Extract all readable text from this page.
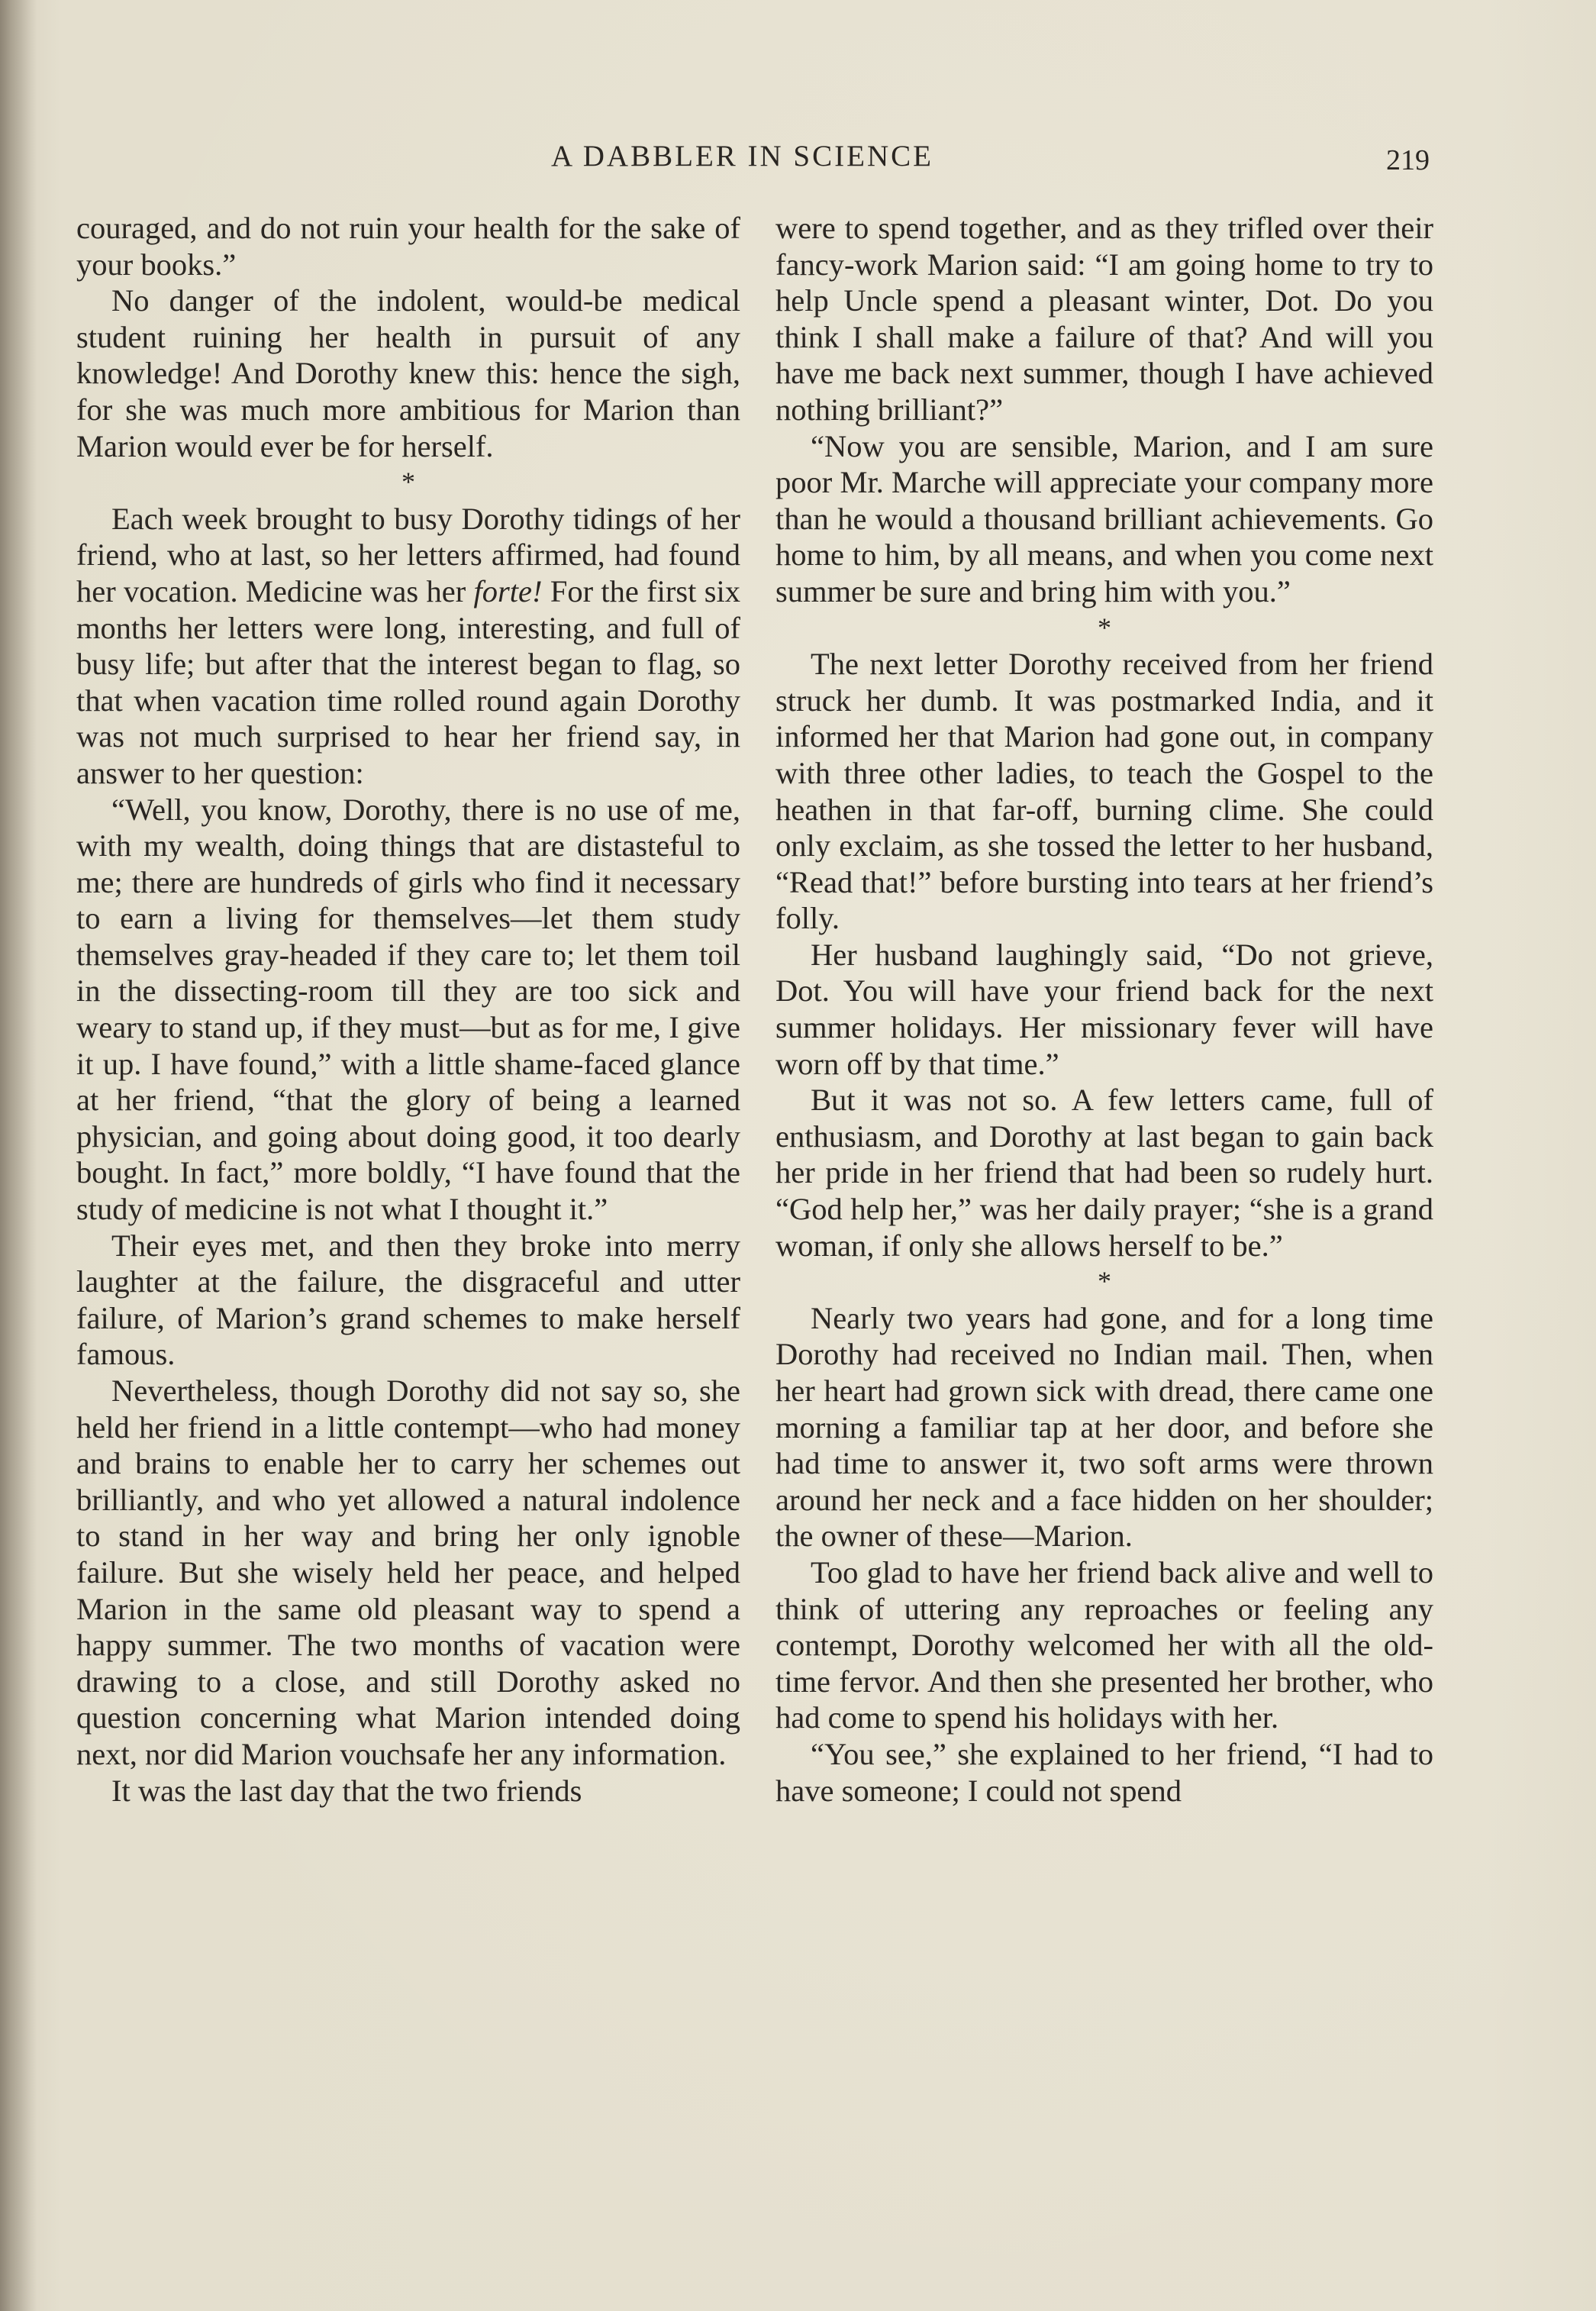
A DABBLER IN SCIENCE	219

couraged, and do not ruin your health for the sake of your books.”

No danger of the indolent, would-be medical student ruining her health in pursuit of any knowledge! And Dorothy knew this: hence the sigh, for she was much more ambitious for Marion than Marion would ever be for herself.

*

Each week brought to busy Dorothy tidings of her friend, who at last, so her letters affirmed, had found her vocation. Medicine was her forte! For the first six months her letters were long, interesting, and full of busy life; but after that the interest began to flag, so that when vacation time rolled round again Dorothy was not much surprised to hear her friend say, in answer to her question:

“Well, you know, Dorothy, there is no use of me, with my wealth, doing things that are distasteful to me; there are hundreds of girls who find it necessary to earn a living for themselves—let them study themselves gray-headed if they care to; let them toil in the dissecting-room till they are too sick and weary to stand up, if they must—but as for me, I give it up. I have found,” with a little shame-faced glance at her friend, “that the glory of being a learned physician, and going about doing good, it too dearly bought. In fact,” more boldly, “I have found that the study of medicine is not what I thought it.”

Their eyes met, and then they broke into merry laughter at the failure, the disgraceful and utter failure, of Marion’s grand schemes to make herself famous.

Nevertheless, though Dorothy did not say so, she held her friend in a little contempt—who had money and brains to enable her to carry her schemes out brilliantly, and who yet allowed a natural indolence to stand in her way and bring her only ignoble failure. But she wisely held her peace, and helped Marion in the same old pleasant way to spend a happy summer. The two months of vacation were drawing to a close, and still Dorothy asked no question concerning what Marion intended doing next, nor did Marion vouchsafe her any information.

It was the last day that the two friends

were to spend together, and as they trifled over their fancy-work Marion said: “I am going home to try to help Uncle spend a pleasant winter, Dot. Do you think I shall make a failure of that? And will you have me back next summer, though I have achieved nothing brilliant?”

“Now you are sensible, Marion, and I am sure poor Mr. Marche will appreciate your company more than he would a thousand brilliant achievements. Go home to him, by all means, and when you come next summer be sure and bring him with you.”

*

The next letter Dorothy received from her friend struck her dumb. It was postmarked India, and it informed her that Marion had gone out, in company with three other ladies, to teach the Gospel to the heathen in that far-off, burning clime. She could only exclaim, as she tossed the letter to her husband, “Read that!” before bursting into tears at her friend’s folly.

Her husband laughingly said, “Do not grieve, Dot. You will have your friend back for the next summer holidays. Her missionary fever will have worn off by that time.”

But it was not so. A few letters came, full of enthusiasm, and Dorothy at last began to gain back her pride in her friend that had been so rudely hurt. “God help her,” was her daily prayer; “she is a grand woman, if only she allows herself to be.”

*

Nearly two years had gone, and for a long time Dorothy had received no Indian mail. Then, when her heart had grown sick with dread, there came one morning a familiar tap at her door, and before she had time to answer it, two soft arms were thrown around her neck and a face hidden on her shoulder; the owner of these—Marion.

Too glad to have her friend back alive and well to think of uttering any reproaches or feeling any contempt, Dorothy welcomed her with all the old-time fervor. And then she presented her brother, who had come to spend his holidays with her.

“You see,” she explained to her friend, “I had to have someone; I could not spend
